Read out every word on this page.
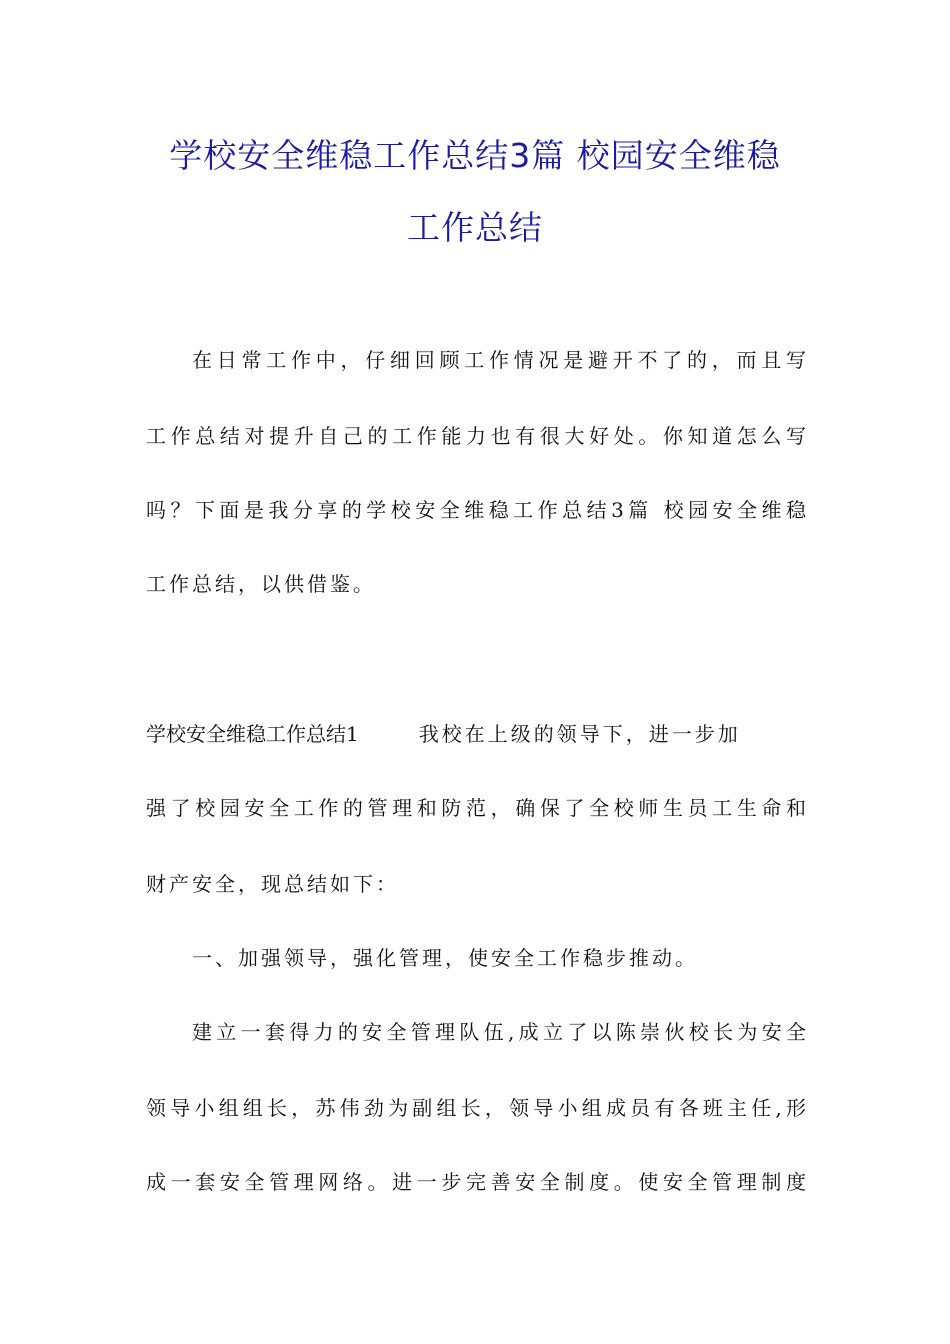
学校安全维稳工作总结3篇 校园安全维稳
工作总结
在日常工作中，仔细回顾工作情况是避开不了的，而且写
工作总结对提升自己的工作能力也有很大好处。你知道怎么写
吗？下面是我分享的学校安全维稳工作总结3篇 校园安全维稳
工作总结，以供借鉴。
学校安全维稳工作总结1	我校在上级的领导下，进一步加
强了校园安全工作的管理和防范，确保了全校师生员工生命和
财产安全，现总结如下：
一、加强领导，强化管理，使安全工作稳步推动。
建立一套得力的安全管理队伍,成立了以陈崇伙校长为安全
领导小组组长，苏伟劲为副组长，领导小组成员有各班主任,形
成一套安全管理网络。进一步完善安全制度。使安全管理制度
